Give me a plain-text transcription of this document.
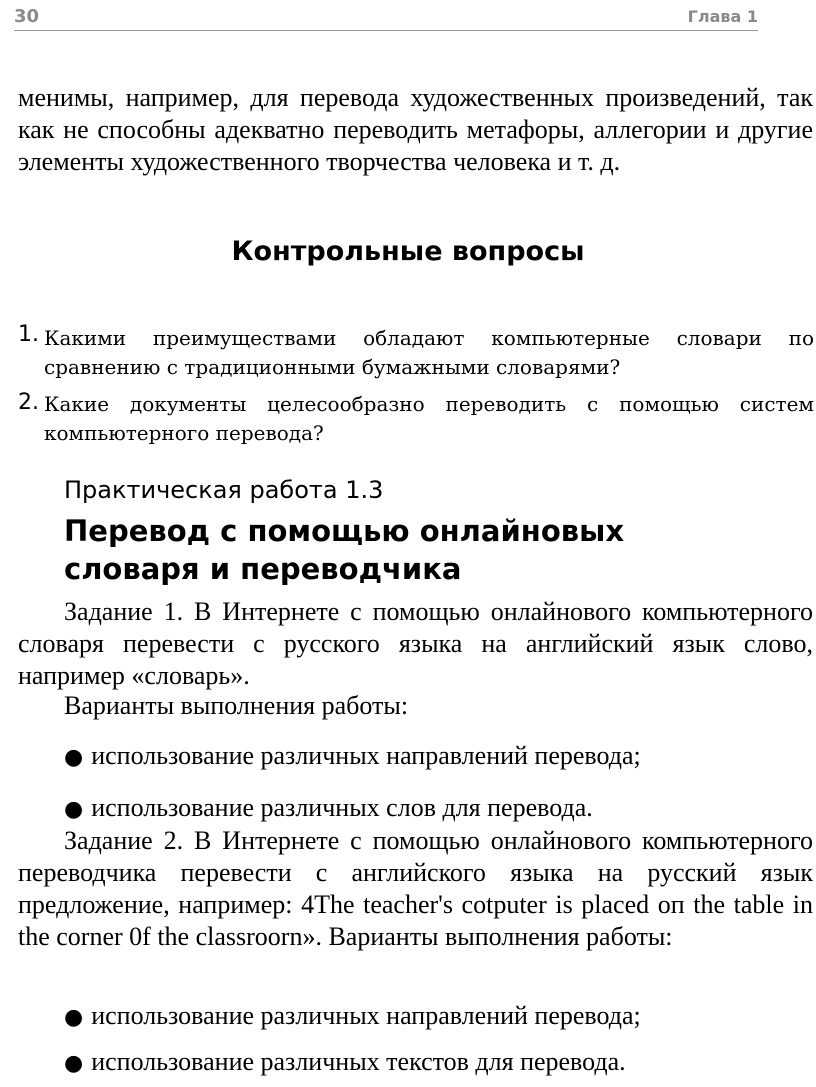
30	Глава 1

менимы, например, для перевода художественных произведений, так как не способны адекватно переводить метафоры, аллегории и другие элементы художественного творчества человека и т. д.

Контрольные вопросы
1. Какими преимуществами обладают компьютерные словари по сравнению с традиционными бумажными словарями?

2. Какие документы целесообразно переводить с помощью систем компьютерного перевода?

Практическая работа 1.3
Перевод с помощью онлайновых словаря и переводчика

Задание 1. В Интернете с помощью онлайнового компьютерного словаря перевести с русского языка на английский язык слово, например «словарь».

Варианты выполнения работы:
● использование различных направлений перевода;
● использование различных слов для перевода.

Задание 2. В Интернете с помощью онлайнового компьютерного переводчика перевести с английского языка на русский язык предложение, например: 4The teacher's cotputer is placed оп the table in the corner 0f the classroorn». Варианты выполнения работы:

● использование различных направлений перевода;
● использование различных текстов для перевода.
